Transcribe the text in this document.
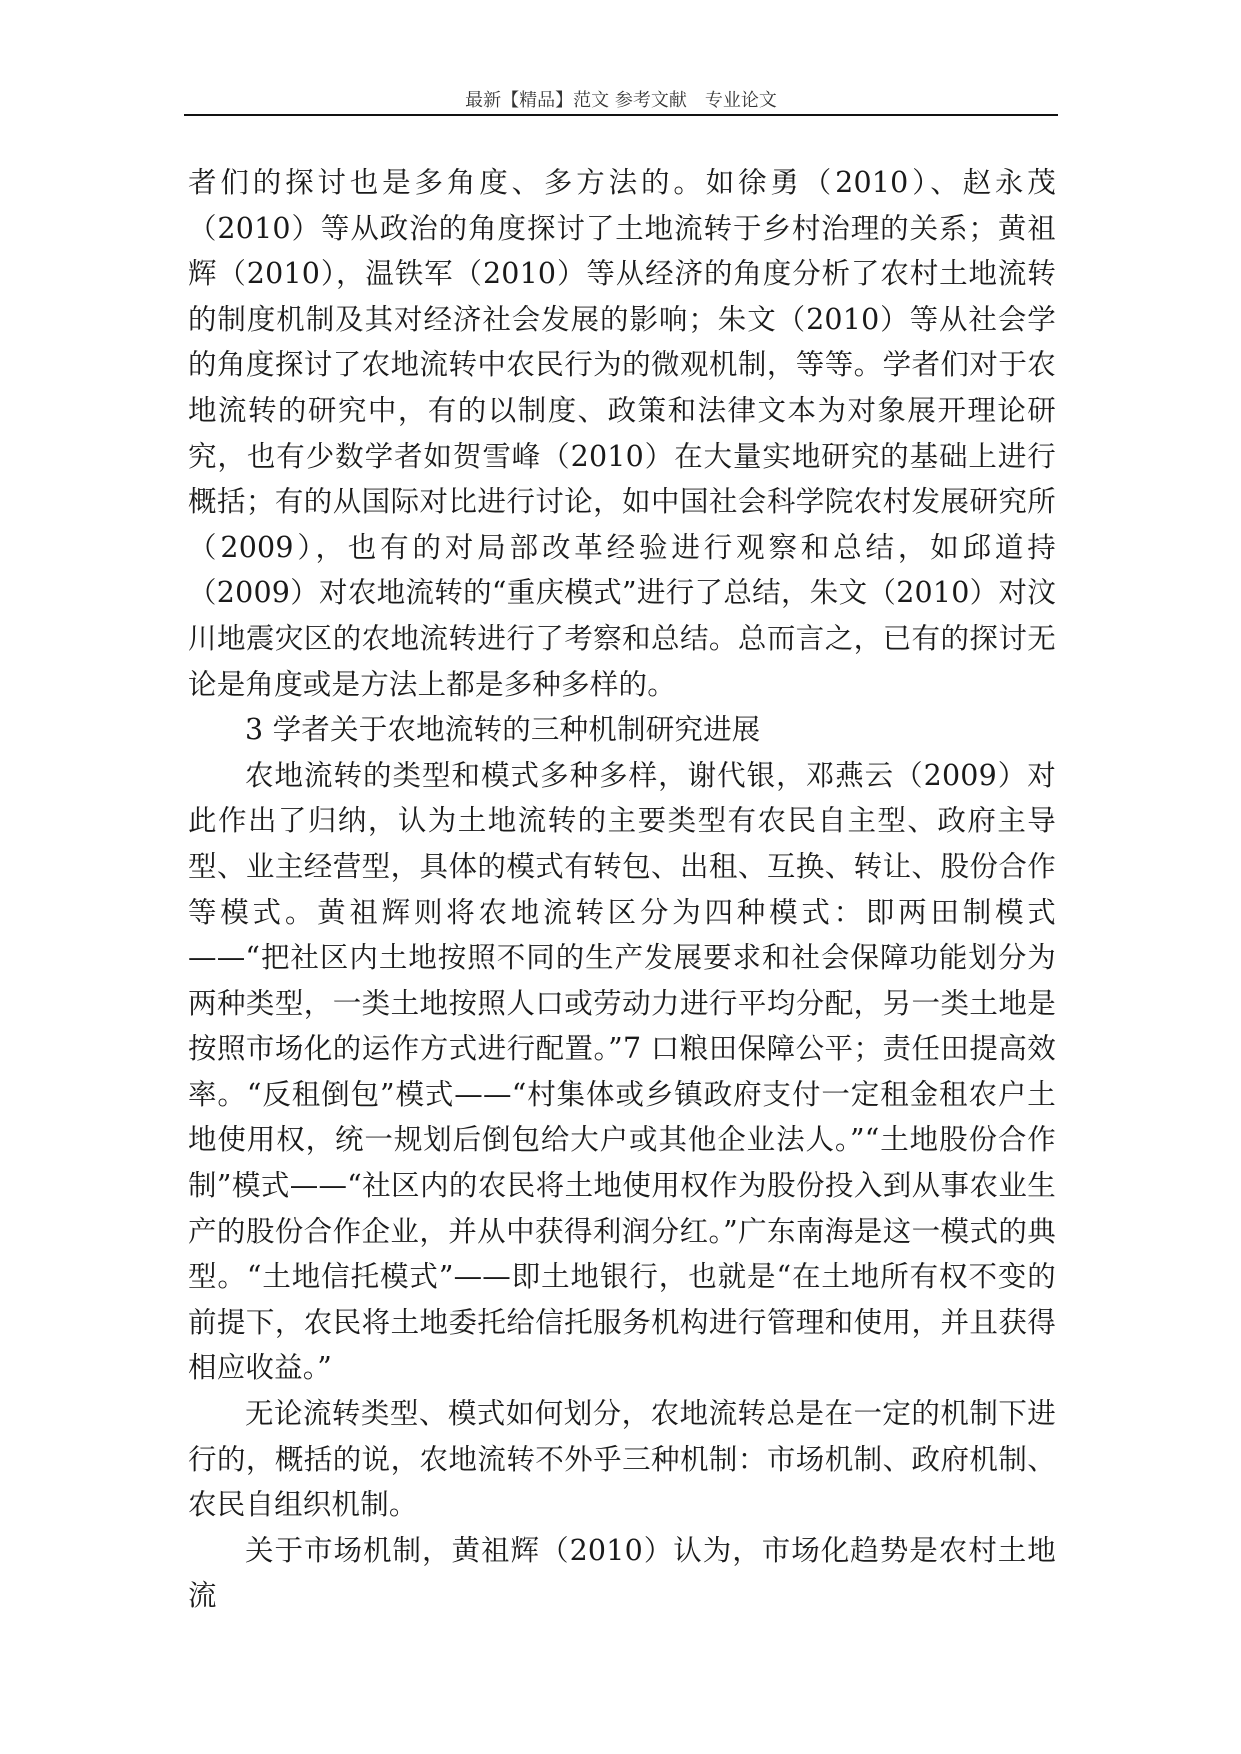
最新【精品】范文 参考文献　专业论文

者们的探讨也是多角度、多方法的。如徐勇（2010）、赵永茂（2010）等从政治的角度探讨了土地流转于乡村治理的关系；黄祖辉（2010），温铁军（2010）等从经济的角度分析了农村土地流转的制度机制及其对经济社会发展的影响；朱文（2010）等从社会学的角度探讨了农地流转中农民行为的微观机制，等等。学者们对于农地流转的研究中，有的以制度、政策和法律文本为对象展开理论研究，也有少数学者如贺雪峰（2010）在大量实地研究的基础上进行概括；有的从国际对比进行讨论，如中国社会科学院农村发展研究所（2009），也有的对局部改革经验进行观察和总结，如邱道持（2009）对农地流转的“重庆模式”进行了总结，朱文（2010）对汶川地震灾区的农地流转进行了考察和总结。总而言之，已有的探讨无论是角度或是方法上都是多种多样的。

3 学者关于农地流转的三种机制研究进展

农地流转的类型和模式多种多样，谢代银，邓燕云（2009）对此作出了归纳，认为土地流转的主要类型有农民自主型、政府主导型、业主经营型，具体的模式有转包、出租、互换、转让、股份合作等模式。黄祖辉则将农地流转区分为四种模式：即两田制模式——“把社区内土地按照不同的生产发展要求和社会保障功能划分为两种类型，一类土地按照人口或劳动力进行平均分配，另一类土地是按照市场化的运作方式进行配置。”7 口粮田保障公平；责任田提高效率。“反租倒包”模式——“村集体或乡镇政府支付一定租金租农户土地使用权，统一规划后倒包给大户或其他企业法人。”“土地股份合作制”模式——“社区内的农民将土地使用权作为股份投入到从事农业生产的股份合作企业，并从中获得利润分红。”广东南海是这一模式的典型。“土地信托模式”——即土地银行，也就是“在土地所有权不变的前提下，农民将土地委托给信托服务机构进行管理和使用，并且获得相应收益。”

无论流转类型、模式如何划分，农地流转总是在一定的机制下进行的，概括的说，农地流转不外乎三种机制：市场机制、政府机制、农民自组织机制。

关于市场机制，黄祖辉（2010）认为，市场化趋势是农村土地流
